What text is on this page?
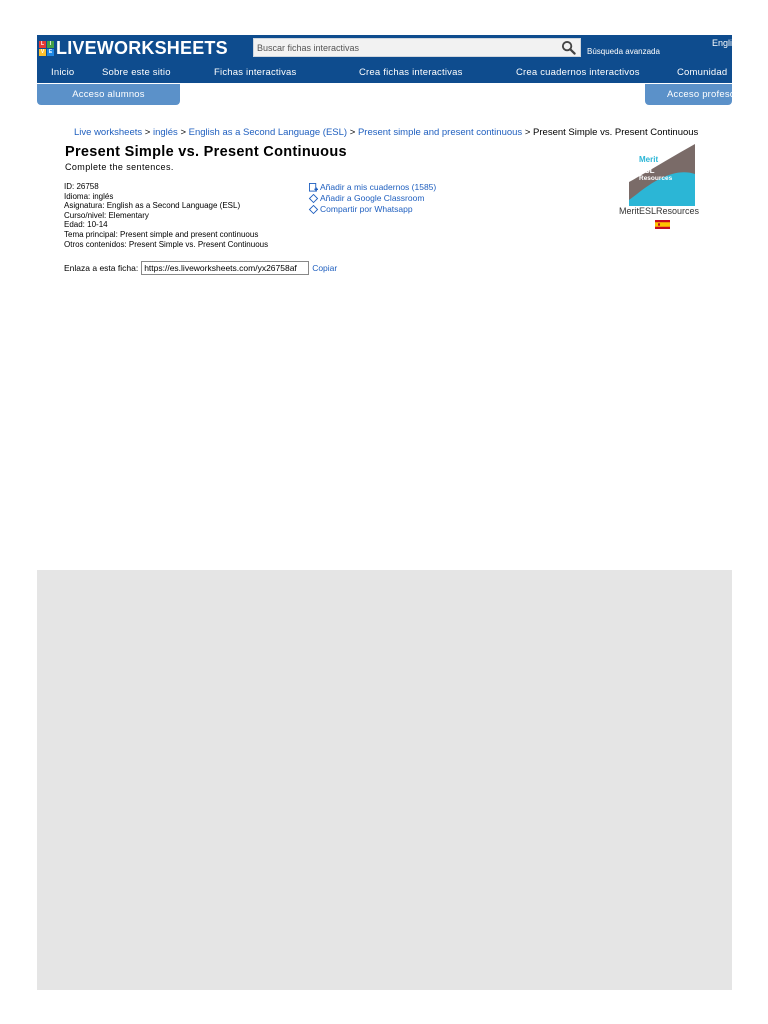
L	I
V E LIVEWORKSHEETS
Buscar fichas interactivas	Búsqueda avanzada
English
Inicio	Sobre este sitio	Fichas interactivas	Crea fichas interactivas	Crea cuadernos interactivos	Comunidad
Acceso alumnos	Acceso profesores
Live worksheets > inglés > English as a Second Language (ESL) > Present simple and present continuous > Present Simple vs. Present Continuous
Present Simple vs. Present Continuous
Complete the sentences.
ID: 26758
Idioma: inglés
Asignatura: English as a Second Language (ESL)
Curso/nivel: Elementary
Edad: 10-14
Tema principal: Present simple and present continuous
Otros contenidos: Present Simple vs. Present Continuous
Añadir a mis cuadernos (1585)
Añadir a Google Classroom
Compartir por Whatsapp
Merit
ESL
Resources
MeritESLResources
Enlaza a esta ficha:
https://es.liveworksheets.com/yx26758af	Copiar
